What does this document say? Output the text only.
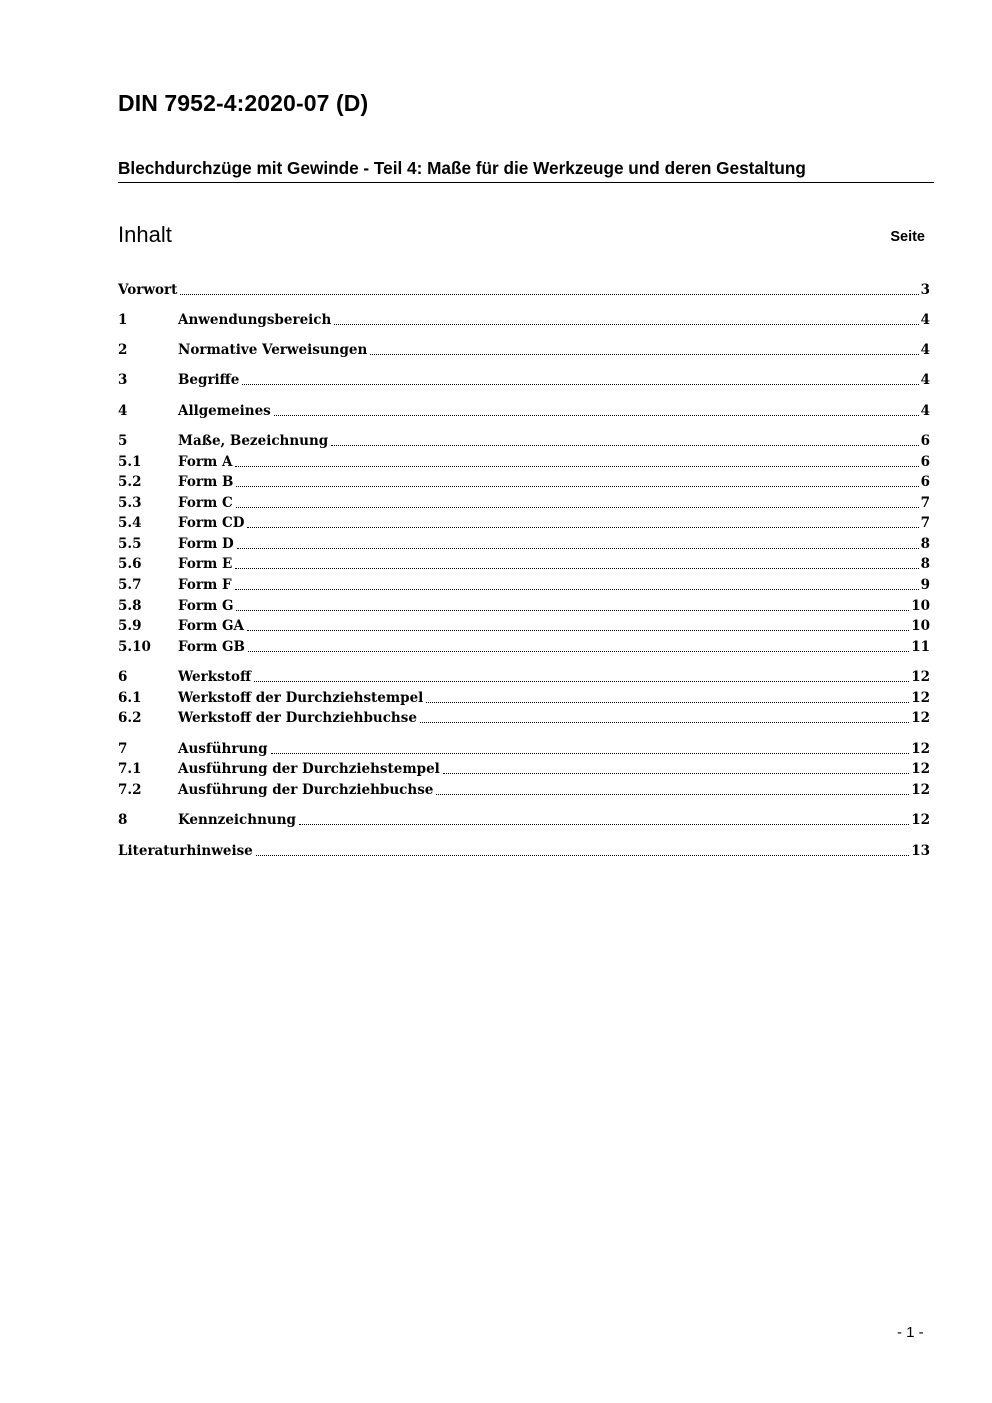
DIN 7952-4:2020-07 (D)
Blechdurchzüge mit Gewinde - Teil 4: Maße für die Werkzeuge und deren Gestaltung
Inhalt	Seite
Vorwort	3
1	Anwendungsbereich	4
2	Normative Verweisungen	4
3	Begriffe	4
4	Allgemeines	4
5	Maße, Bezeichnung	6
5.1	Form A	6
5.2	Form B	6
5.3	Form C	7
5.4	Form CD	7
5.5	Form D	8
5.6	Form E	8
5.7	Form F	9
5.8	Form G	10
5.9	Form GA	10
5.10	Form GB	11
6	Werkstoff	12
6.1	Werkstoff der Durchziehstempel	12
6.2	Werkstoff der Durchziehbuchse	12
7	Ausführung	12
7.1	Ausführung der Durchziehstempel	12
7.2	Ausführung der Durchziehbuchse	12
8	Kennzeichnung	12
Literaturhinweise	13
- 1 -
